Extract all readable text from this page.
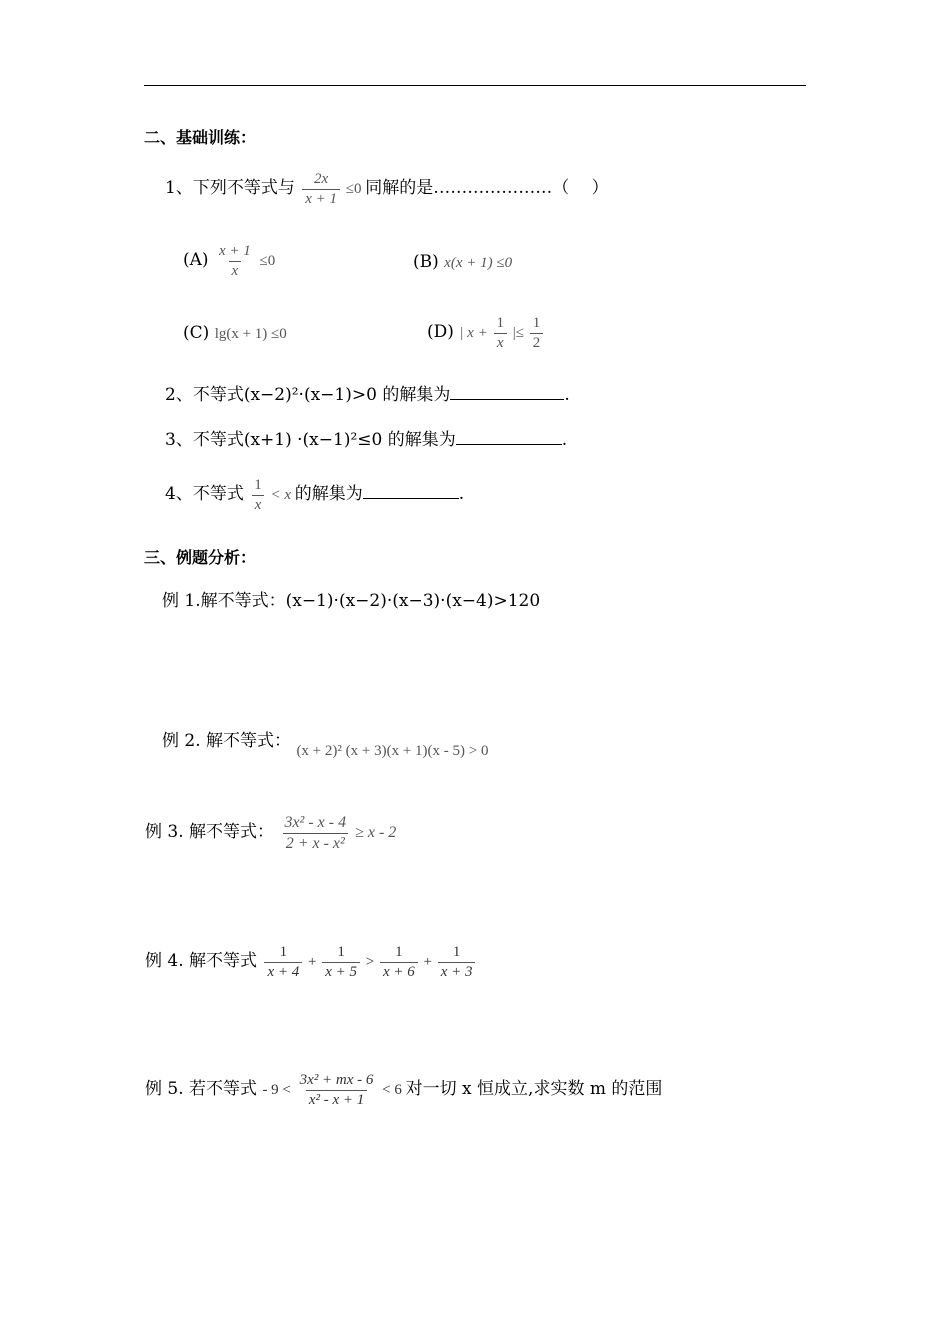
二、基础训练：
1、下列不等式与 $\frac{2x}{x + 1} \le 0$ 同解的是…………………（　 ）
$(A) \frac{x + 1}{x} \le 0$	(B) x(x + 1) ≤0
(C) lg(x + 1) ≤0	(D) | $x + \frac{1}{x}$ |≤ $\frac{1}{2}$
2、不等式(x−2)²·(x−1)>0 的解集为	.
3、不等式(x+1) ·(x−1)²≤0 的解集为	.
4、不等式 $\frac{1}{x} < x$ 的解集为	.
三、例题分析：
例 1.解不等式：(x−1)·(x−2)·(x−3)·(x−4)>120
例 2. 解不等式： (x + 2)² (x + 3)(x + 1)(x - 5) > 0
例 3. 解不等式： $\frac{\text{3x² - x - 4}}{\text{2 + x - x²}} \ge x - 2$
例 4. 解不等式 $\frac{1}{x + 4} + \frac{1}{x + 5} > \frac{1}{x + 6} + \frac{1}{x + 3}$
例 5. 若不等式 - $9 < \frac{\text{3x² + mx - 6}}{\text{x² - x + 1}} < 6$ 对一切 x 恒成立,求实数 m 的范围
